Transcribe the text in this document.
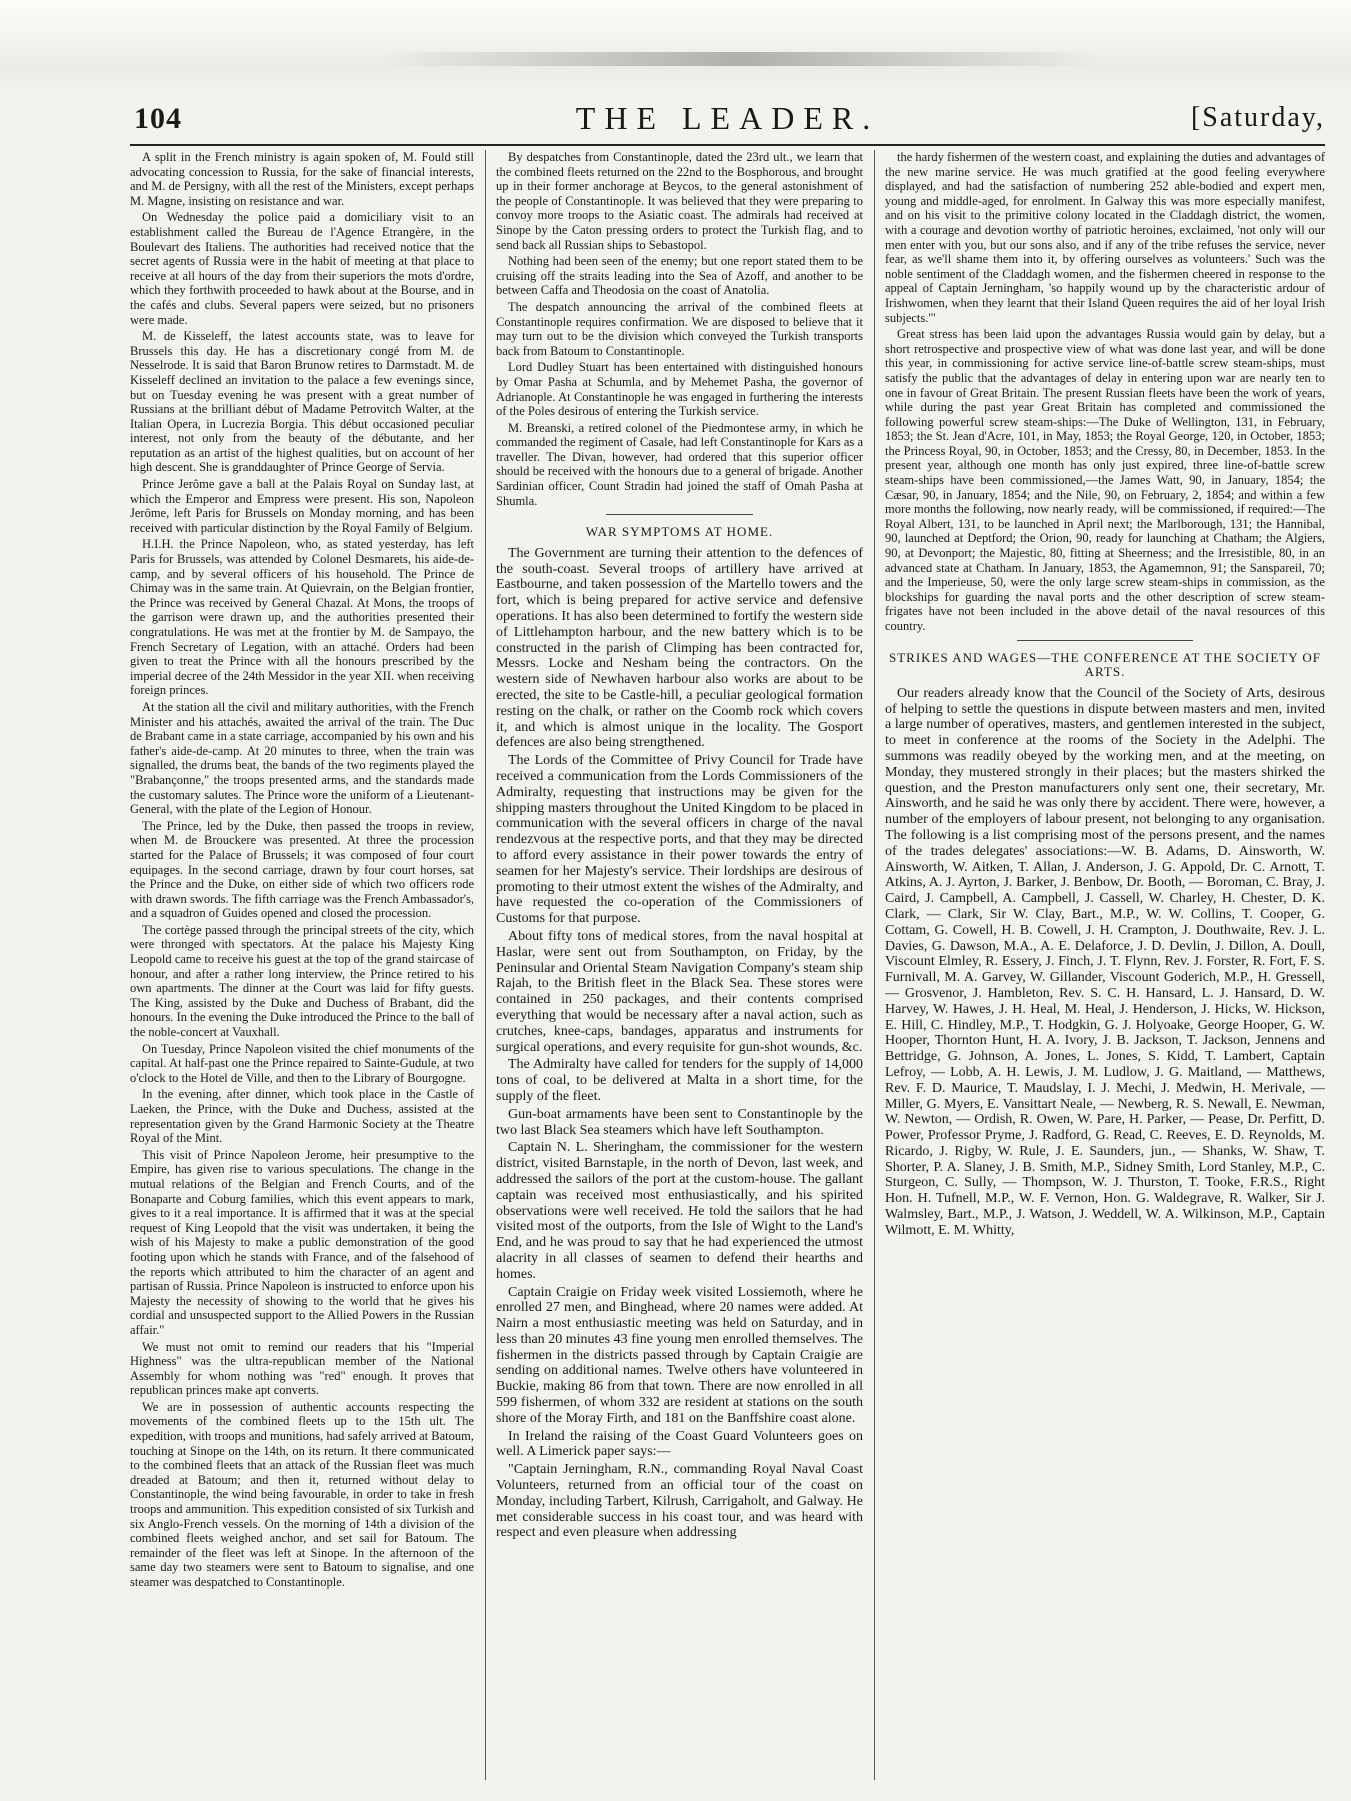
104	THE LEADER.	[Saturday,

A split in the French ministry is again spoken of, M. Fould still advocating concession to Russia, for the sake of financial interests, and M. de Persigny, with all the rest of the Ministers, except perhaps M. Magne, insisting on resistance and war.

On Wednesday the police paid a domiciliary visit to an establishment called the Bureau de l'Agence Etrangère, in the Boulevart des Italiens. The authorities had received notice that the secret agents of Russia were in the habit of meeting at that place to receive at all hours of the day from their superiors the mots d'ordre, which they forthwith proceeded to hawk about at the Bourse, and in the cafés and clubs. Several papers were seized, but no prisoners were made.

M. de Kisseleff, the latest accounts state, was to leave for Brussels this day. He has a discretionary congé from M. de Nesselrode. It is said that Baron Brunow retires to Darmstadt. M. de Kisseleff declined an invitation to the palace a few evenings since, but on Tuesday evening he was present with a great number of Russians at the brilliant début of Madame Petrovitch Walter, at the Italian Opera, in Lucrezia Borgia. This début occasioned peculiar interest, not only from the beauty of the débutante, and her reputation as an artist of the highest qualities, but on account of her high descent. She is granddaughter of Prince George of Servia.

Prince Jerôme gave a ball at the Palais Royal on Sunday last, at which the Emperor and Empress were present. His son, Napoleon Jerôme, left Paris for Brussels on Monday morning, and has been received with particular distinction by the Royal Family of Belgium.

H.I.H. the Prince Napoleon, who, as stated yesterday, has left Paris for Brussels, was attended by Colonel Desmarets, his aide-de-camp, and by several officers of his household. The Prince de Chimay was in the same train. At Quievrain, on the Belgian frontier, the Prince was received by General Chazal. At Mons, the troops of the garrison were drawn up, and the authorities presented their congratulations. He was met at the frontier by M. de Sampayo, the French Secretary of Legation, with an attaché. Orders had been given to treat the Prince with all the honours prescribed by the imperial decree of the 24th Messidor in the year XII. when receiving foreign princes.

At the station all the civil and military authorities, with the French Minister and his attachés, awaited the arrival of the train. The Duc de Brabant came in a state carriage, accompanied by his own and his father's aide-de-camp. At 20 minutes to three, when the train was signalled, the drums beat, the bands of the two regiments played the "Brabançonne," the troops presented arms, and the standards made the customary salutes. The Prince wore the uniform of a Lieutenant-General, with the plate of the Legion of Honour.

The Prince, led by the Duke, then passed the troops in review, when M. de Brouckere was presented. At three the procession started for the Palace of Brussels; it was composed of four court equipages. In the second carriage, drawn by four court horses, sat the Prince and the Duke, on either side of which two officers rode with drawn swords. The fifth carriage was the French Ambassador's, and a squadron of Guides opened and closed the procession.

The cortège passed through the principal streets of the city, which were thronged with spectators. At the palace his Majesty King Leopold came to receive his guest at the top of the grand staircase of honour, and after a rather long interview, the Prince retired to his own apartments. The dinner at the Court was laid for fifty guests. The King, assisted by the Duke and Duchess of Brabant, did the honours. In the evening the Duke introduced the Prince to the ball of the noble-concert at Vauxhall.

On Tuesday, Prince Napoleon visited the chief monuments of the capital. At half-past one the Prince repaired to Sainte-Gudule, at two o'clock to the Hotel de Ville, and then to the Library of Bourgogne.

In the evening, after dinner, which took place in the Castle of Laeken, the Prince, with the Duke and Duchess, assisted at the representation given by the Grand Harmonic Society at the Theatre Royal of the Mint.

This visit of Prince Napoleon Jerome, heir presumptive to the Empire, has given rise to various speculations. The change in the mutual relations of the Belgian and French Courts, and of the Bonaparte and Coburg families, which this event appears to mark, gives to it a real importance. It is affirmed that it was at the special request of King Leopold that the visit was undertaken, it being the wish of his Majesty to make a public demonstration of the good footing upon which he stands with France, and of the falsehood of the reports which attributed to him the character of an agent and partisan of Russia. Prince Napoleon is instructed to enforce upon his Majesty the necessity of showing to the world that he gives his cordial and unsuspected support to the Allied Powers in the Russian affair."

We must not omit to remind our readers that his "Imperial Highness" was the ultra-republican member of the National Assembly for whom nothing was "red" enough. It proves that republican princes make apt converts.

We are in possession of authentic accounts respecting the movements of the combined fleets up to the 15th ult. The expedition, with troops and munitions, had safely arrived at Batoum, touching at Sinope on the 14th, on its return. It there communicated to the combined fleets that an attack of the Russian fleet was much dreaded at Batoum; and then it, returned without delay to Constantinople, the wind being favourable, in order to take in fresh troops and ammunition. This expedition consisted of six Turkish and six Anglo-French vessels. On the morning of 14th a division of the combined fleets weighed anchor, and set sail for Batoum. The remainder of the fleet was left at Sinope. In the afternoon of the same day two steamers were sent to Batoum to signalise, and one steamer was despatched to Constantinople.

By despatches from Constantinople, dated the 23rd ult., we learn that the combined fleets returned on the 22nd to the Bosphorous, and brought up in their former anchorage at Beycos, to the general astonishment of the people of Constantinople. It was believed that they were preparing to convoy more troops to the Asiatic coast. The admirals had received at Sinope by the Caton pressing orders to protect the Turkish flag, and to send back all Russian ships to Sebastopol.

Nothing had been seen of the enemy; but one report stated them to be cruising off the straits leading into the Sea of Azoff, and another to be between Caffa and Theodosia on the coast of Anatolia.

The despatch announcing the arrival of the combined fleets at Constantinople requires confirmation. We are disposed to believe that it may turn out to be the division which conveyed the Turkish transports back from Batoum to Constantinople.

Lord Dudley Stuart has been entertained with distinguished honours by Omar Pasha at Schumla, and by Mehemet Pasha, the governor of Adrianople. At Constantinople he was engaged in furthering the interests of the Poles desirous of entering the Turkish service.

M. Breanski, a retired colonel of the Piedmontese army, in which he commanded the regiment of Casale, had left Constantinople for Kars as a traveller. The Divan, however, had ordered that this superior officer should be received with the honours due to a general of brigade. Another Sardinian officer, Count Stradin had joined the staff of Omah Pasha at Shumla.

WAR SYMPTOMS AT HOME.

The Government are turning their attention to the defences of the south-coast. Several troops of artillery have arrived at Eastbourne, and taken possession of the Martello towers and the fort, which is being prepared for active service and defensive operations. It has also been determined to fortify the western side of Littlehampton harbour, and the new battery which is to be constructed in the parish of Climping has been contracted for, Messrs. Locke and Nesham being the contractors. On the western side of Newhaven harbour also works are about to be erected, the site to be Castle-hill, a peculiar geological formation resting on the chalk, or rather on the Coomb rock which covers it, and which is almost unique in the locality. The Gosport defences are also being strengthened.

The Lords of the Committee of Privy Council for Trade have received a communication from the Lords Commissioners of the Admiralty, requesting that instructions may be given for the shipping masters throughout the United Kingdom to be placed in communication with the several officers in charge of the naval rendezvous at the respective ports, and that they may be directed to afford every assistance in their power towards the entry of seamen for her Majesty's service. Their lordships are desirous of promoting to their utmost extent the wishes of the Admiralty, and have requested the co-operation of the Commissioners of Customs for that purpose.

About fifty tons of medical stores, from the naval hospital at Haslar, were sent out from Southampton, on Friday, by the Peninsular and Oriental Steam Navigation Company's steam ship Rajah, to the British fleet in the Black Sea. These stores were contained in 250 packages, and their contents comprised everything that would be necessary after a naval action, such as crutches, knee-caps, bandages, apparatus and instruments for surgical operations, and every requisite for gun-shot wounds, &c.

The Admiralty have called for tenders for the supply of 14,000 tons of coal, to be delivered at Malta in a short time, for the supply of the fleet.

Gun-boat armaments have been sent to Constantinople by the two last Black Sea steamers which have left Southampton.

Captain N. L. Sheringham, the commissioner for the western district, visited Barnstaple, in the north of Devon, last week, and addressed the sailors of the port at the custom-house. The gallant captain was received most enthusiastically, and his spirited observations were well received. He told the sailors that he had visited most of the outports, from the Isle of Wight to the Land's End, and he was proud to say that he had experienced the utmost alacrity in all classes of seamen to defend their hearths and homes.

Captain Craigie on Friday week visited Lossiemoth, where he enrolled 27 men, and Binghead, where 20 names were added. At Nairn a most enthusiastic meeting was held on Saturday, and in less than 20 minutes 43 fine young men enrolled themselves. The fishermen in the districts passed through by Captain Craigie are sending on additional names. Twelve others have volunteered in Buckie, making 86 from that town. There are now enrolled in all 599 fishermen, of whom 332 are resident at stations on the south shore of the Moray Firth, and 181 on the Banffshire coast alone.

In Ireland the raising of the Coast Guard Volunteers goes on well. A Limerick paper says:—

"Captain Jerningham, R.N., commanding Royal Naval Coast Volunteers, returned from an official tour of the coast on Monday, including Tarbert, Kilrush, Carrigaholt, and Galway. He met considerable success in his coast tour, and was heard with respect and even pleasure when addressing

the hardy fishermen of the western coast, and explaining the duties and advantages of the new marine service. He was much gratified at the good feeling everywhere displayed, and had the satisfaction of numbering 252 able-bodied and expert men, young and middle-aged, for enrolment. In Galway this was more especially manifest, and on his visit to the primitive colony located in the Claddagh district, the women, with a courage and devotion worthy of patriotic heroines, exclaimed, 'not only will our men enter with you, but our sons also, and if any of the tribe refuses the service, never fear, as we'll shame them into it, by offering ourselves as volunteers.' Such was the noble sentiment of the Claddagh women, and the fishermen cheered in response to the appeal of Captain Jerningham, 'so happily wound up by the characteristic ardour of Irishwomen, when they learnt that their Island Queen requires the aid of her loyal Irish subjects.'"

Great stress has been laid upon the advantages Russia would gain by delay, but a short retrospective and prospective view of what was done last year, and will be done this year, in commissioning for active service line-of-battle screw steam-ships, must satisfy the public that the advantages of delay in entering upon war are nearly ten to one in favour of Great Britain. The present Russian fleets have been the work of years, while during the past year Great Britain has completed and commissioned the following powerful screw steam-ships:—The Duke of Wellington, 131, in February, 1853; the St. Jean d'Acre, 101, in May, 1853; the Royal George, 120, in October, 1853; the Princess Royal, 90, in October, 1853; and the Cressy, 80, in December, 1853. In the present year, although one month has only just expired, three line-of-battle screw steam-ships have been commissioned,—the James Watt, 90, in January, 1854; the Cæsar, 90, in January, 1854; and the Nile, 90, on February, 2, 1854; and within a few more months the following, now nearly ready, will be commissioned, if required:—The Royal Albert, 131, to be launched in April next; the Marlborough, 131; the Hannibal, 90, launched at Deptford; the Orion, 90, ready for launching at Chatham; the Algiers, 90, at Devonport; the Majestic, 80, fitting at Sheerness; and the Irresistible, 80, in an advanced state at Chatham. In January, 1853, the Agamemnon, 91; the Sanspareil, 70; and the Imperieuse, 50, were the only large screw steam-ships in commission, as the blockships for guarding the naval ports and the other description of screw steam-frigates have not been included in the above detail of the naval resources of this country.

STRIKES AND WAGES—THE CONFERENCE AT THE SOCIETY OF ARTS.

Our readers already know that the Council of the Society of Arts, desirous of helping to settle the questions in dispute between masters and men, invited a large number of operatives, masters, and gentlemen interested in the subject, to meet in conference at the rooms of the Society in the Adelphi. The summons was readily obeyed by the working men, and at the meeting, on Monday, they mustered strongly in their places; but the masters shirked the question, and the Preston manufacturers only sent one, their secretary, Mr. Ainsworth, and he said he was only there by accident. There were, however, a number of the employers of labour present, not belonging to any organisation. The following is a list comprising most of the persons present, and the names of the trades delegates' associations:—W. B. Adams, D. Ainsworth, W. Ainsworth, W. Aitken, T. Allan, J. Anderson, J. G. Appold, Dr. C. Arnott, T. Atkins, A. J. Ayrton, J. Barker, J. Benbow, Dr. Booth, — Boroman, C. Bray, J. Caird, J. Campbell, A. Campbell, J. Cassell, W. Charley, H. Chester, D. K. Clark, — Clark, Sir W. Clay, Bart., M.P., W. W. Collins, T. Cooper, G. Cottam, G. Cowell, H. B. Cowell, J. H. Crampton, J. Douthwaite, Rev. J. L. Davies, G. Dawson, M.A., A. E. Delaforce, J. D. Devlin, J. Dillon, A. Doull, Viscount Elmley, R. Essery, J. Finch, J. T. Flynn, Rev. J. Forster, R. Fort, F. S. Furnivall, M. A. Garvey, W. Gillander, Viscount Goderich, M.P., H. Gressell, — Grosvenor, J. Hambleton, Rev. S. C. H. Hansard, L. J. Hansard, D. W. Harvey, W. Hawes, J. H. Heal, M. Heal, J. Henderson, J. Hicks, W. Hickson, E. Hill, C. Hindley, M.P., T. Hodgkin, G. J. Holyoake, George Hooper, G. W. Hooper, Thornton Hunt, H. A. Ivory, J. B. Jackson, T. Jackson, Jennens and Bettridge, G. Johnson, A. Jones, L. Jones, S. Kidd, T. Lambert, Captain Lefroy, — Lobb, A. H. Lewis, J. M. Ludlow, J. G. Maitland, — Matthews, Rev. F. D. Maurice, T. Maudslay, I. J. Mechi, J. Medwin, H. Merivale, — Miller, G. Myers, E. Vansittart Neale, — Newberg, R. S. Newall, E. Newman, W. Newton, — Ordish, R. Owen, W. Pare, H. Parker, — Pease, Dr. Perfitt, D. Power, Professor Pryme, J. Radford, G. Read, C. Reeves, E. D. Reynolds, M. Ricardo, J. Rigby, W. Rule, J. E. Saunders, jun., — Shanks, W. Shaw, T. Shorter, P. A. Slaney, J. B. Smith, M.P., Sidney Smith, Lord Stanley, M.P., C. Sturgeon, C. Sully, — Thompson, W. J. Thurston, T. Tooke, F.R.S., Right Hon. H. Tufnell, M.P., W. F. Vernon, Hon. G. Waldegrave, R. Walker, Sir J. Walmsley, Bart., M.P., J. Watson, J. Weddell, W. A. Wilkinson, M.P., Captain Wilmott, E. M. Whitty,
